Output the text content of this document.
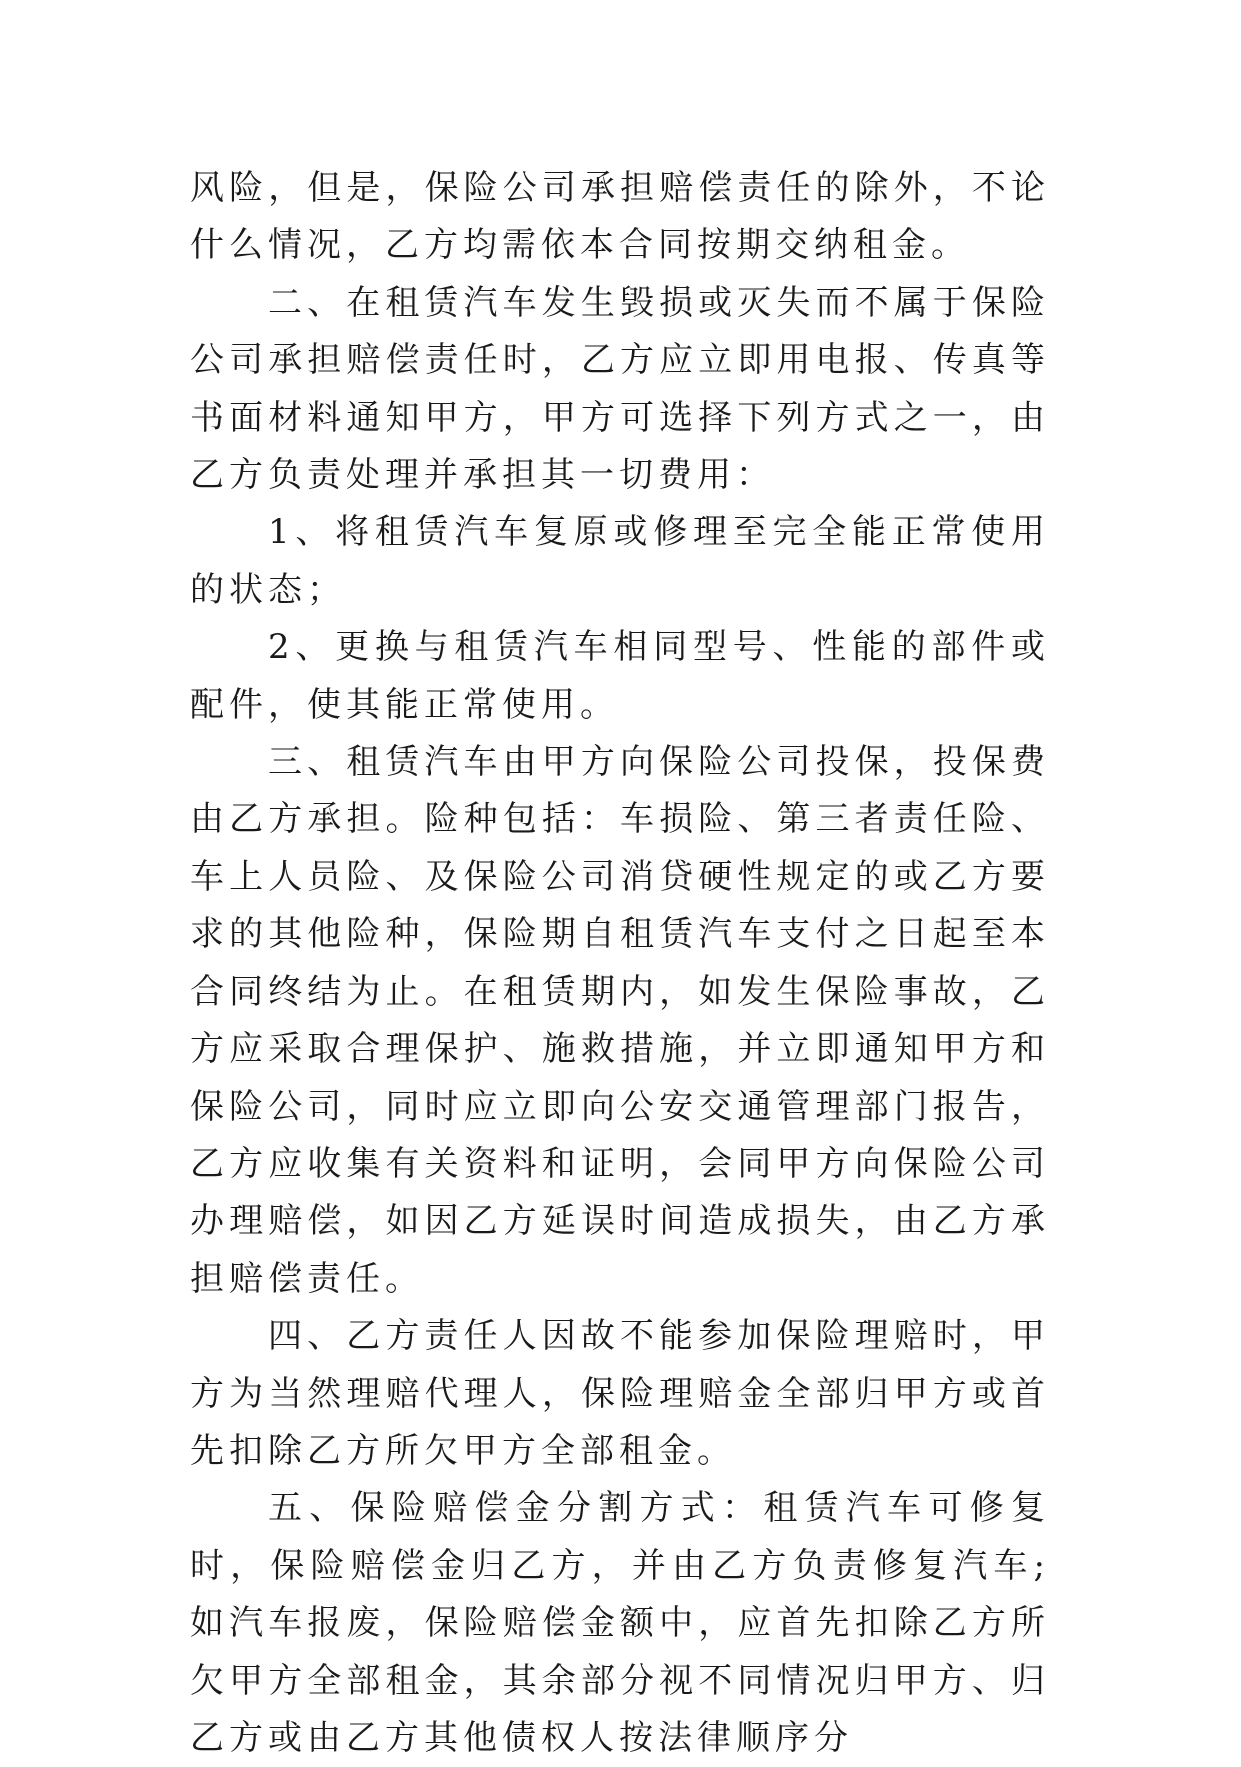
风险，但是，保险公司承担赔偿责任的除外，不论什么情况，乙方均需依本合同按期交纳租金。

二、在租赁汽车发生毁损或灭失而不属于保险公司承担赔偿责任时，乙方应立即用电报、传真等书面材料通知甲方，甲方可选择下列方式之一，由乙方负责处理并承担其一切费用：

1、将租赁汽车复原或修理至完全能正常使用的状态；

2、更换与租赁汽车相同型号、性能的部件或配件，使其能正常使用。

三、租赁汽车由甲方向保险公司投保，投保费由乙方承担。险种包括：车损险、第三者责任险、车上人员险、及保险公司消贷硬性规定的或乙方要求的其他险种，保险期自租赁汽车支付之日起至本合同终结为止。在租赁期内，如发生保险事故，乙方应采取合理保护、施救措施，并立即通知甲方和保险公司，同时应立即向公安交通管理部门报告，乙方应收集有关资料和证明，会同甲方向保险公司办理赔偿，如因乙方延误时间造成损失，由乙方承担赔偿责任。

四、乙方责任人因故不能参加保险理赔时，甲方为当然理赔代理人，保险理赔金全部归甲方或首先扣除乙方所欠甲方全部租金。

五、保险赔偿金分割方式：租赁汽车可修复时，保险赔偿金归乙方，并由乙方负责修复汽车;如汽车报废，保险赔偿金额中，应首先扣除乙方所欠甲方全部租金，其余部分视不同情况归甲方、归乙方或由乙方其他债权人按法律顺序分
